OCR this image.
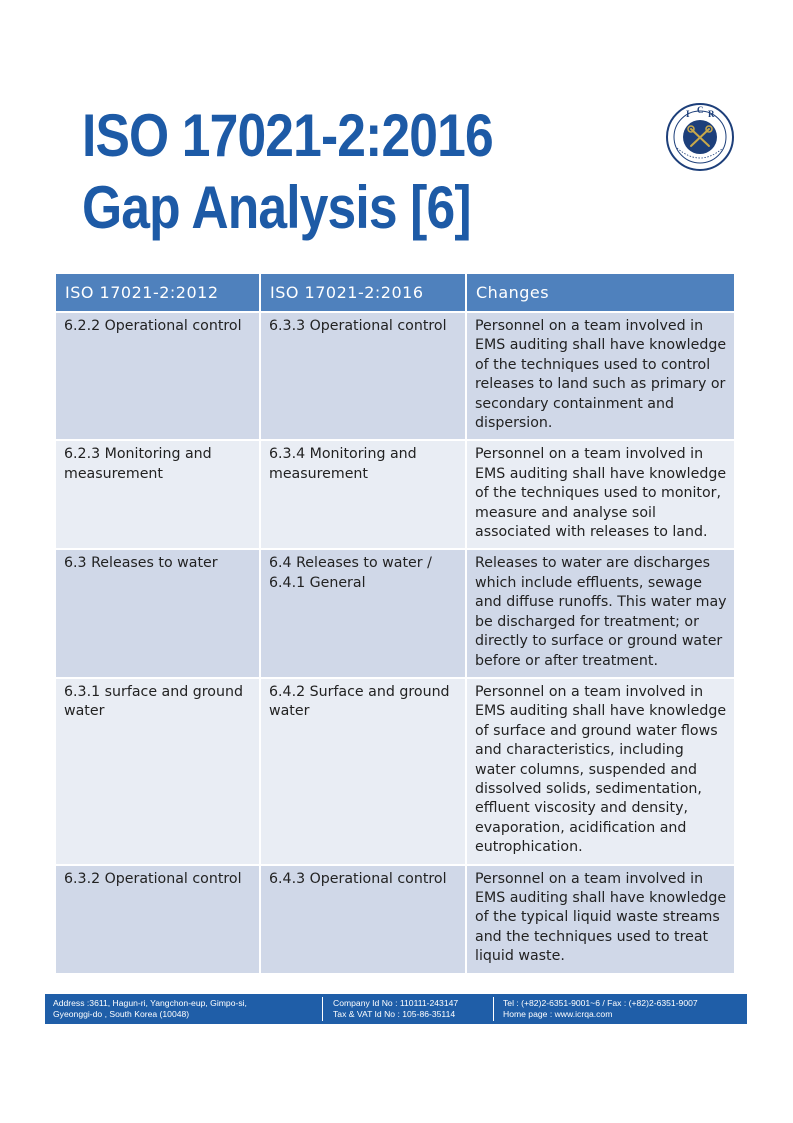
ISO 17021-2:2016
Gap Analysis [6]
I C R
ISO 17021-2:2012	ISO 17021-2:2016	Changes
6.2.2 Operational control	6.3.3 Operational control	Personnel on a team involved in EMS auditing shall have knowledge of the techniques used to control releases to land such as primary or secondary containment and dispersion.
6.2.3 Monitoring and measurement	6.3.4 Monitoring and measurement	Personnel on a team involved in EMS auditing shall have knowledge of the techniques used to monitor, measure and analyse soil associated with releases to land.
6.3 Releases to water	6.4 Releases to water / 6.4.1 General	Releases to water are discharges which include effluents, sewage and diffuse runoffs. This water may be discharged for treatment; or directly to surface or ground water before or after treatment.
6.3.1 surface and ground water	6.4.2 Surface and ground water	Personnel on a team involved in EMS auditing shall have knowledge of surface and ground water flows and characteristics, including water columns, suspended and dissolved solids, sedimentation, effluent viscosity and density, evaporation, acidification and eutrophication.
6.3.2 Operational control	6.4.3 Operational control	Personnel on a team involved in EMS auditing shall have knowledge of the typical liquid waste streams and the techniques used to treat liquid waste.
Address :3611, Hagun-ri, Yangchon-eup, Gimpo-si,
Gyeonggi-do , South Korea (10048)
Company Id No : 110111-243147
Tax & VAT Id No : 105-86-35114
Tel : (+82)2-6351-9001~6 / Fax : (+82)2-6351-9007
Home page : www.icrqa.com
